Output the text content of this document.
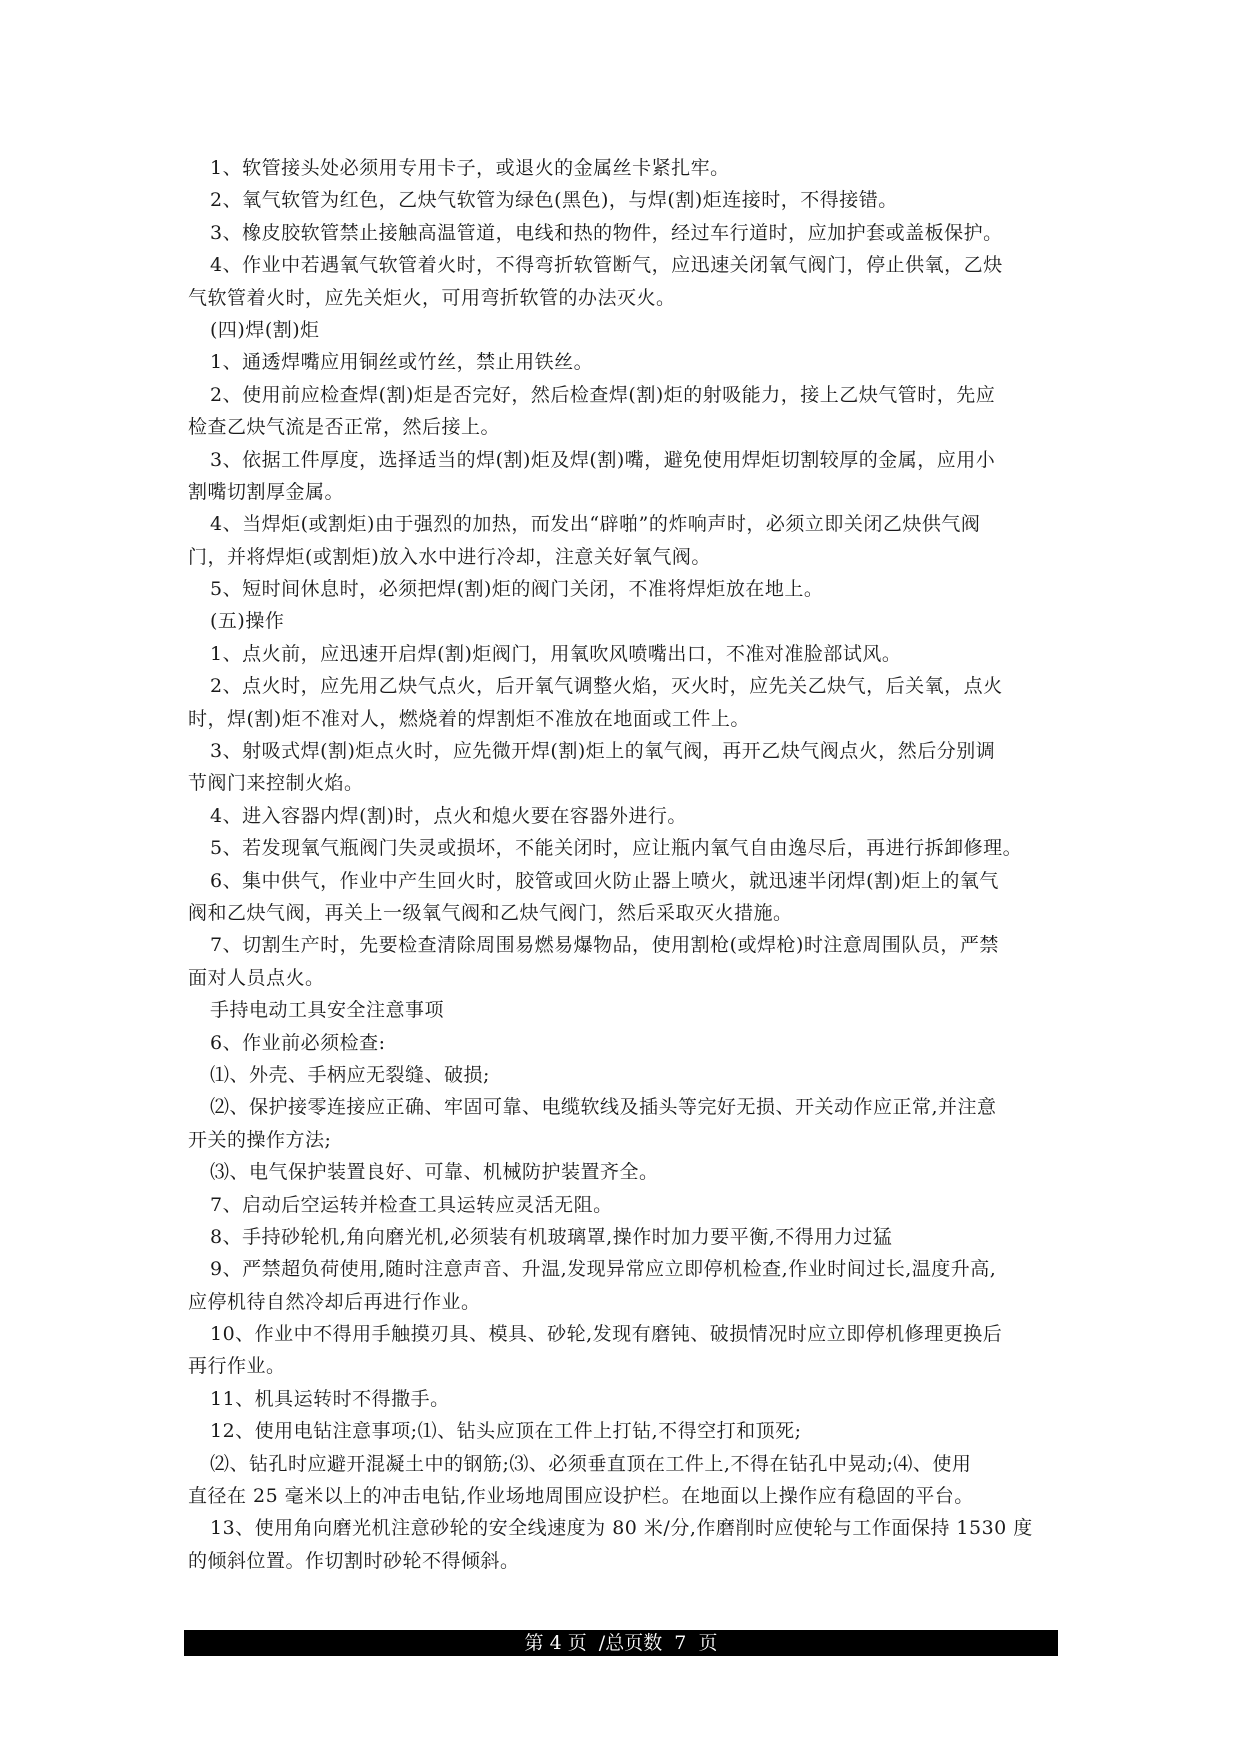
1、软管接头处必须用专用卡子，或退火的金属丝卡紧扎牢。
2、氧气软管为红色，乙炔气软管为绿色(黑色)，与焊(割)炬连接时，不得接错。
3、橡皮胶软管禁止接触高温管道，电线和热的物件，经过车行道时，应加护套或盖板保护。
4、作业中若遇氧气软管着火时，不得弯折软管断气，应迅速关闭氧气阀门，停止供氧，乙炔
气软管着火时，应先关炬火，可用弯折软管的办法灭火。
(四)焊(割)炬
1、通透焊嘴应用铜丝或竹丝，禁止用铁丝。
2、使用前应检查焊(割)炬是否完好，然后检查焊(割)炬的射吸能力，接上乙炔气管时，先应
检查乙炔气流是否正常，然后接上。
3、依据工件厚度，选择适当的焊(割)炬及焊(割)嘴，避免使用焊炬切割较厚的金属，应用小
割嘴切割厚金属。
4、当焊炬(或割炬)由于强烈的加热，而发出“辟啪”的炸响声时，必须立即关闭乙炔供气阀
门，并将焊炬(或割炬)放入水中进行冷却，注意关好氧气阀。
5、短时间休息时，必须把焊(割)炬的阀门关闭，不准将焊炬放在地上。
(五)操作
1、点火前，应迅速开启焊(割)炬阀门，用氧吹风喷嘴出口，不准对准脸部试风。
2、点火时，应先用乙炔气点火，后开氧气调整火焰，灭火时，应先关乙炔气，后关氧，点火
时，焊(割)炬不准对人，燃烧着的焊割炬不准放在地面或工件上。
3、射吸式焊(割)炬点火时，应先微开焊(割)炬上的氧气阀，再开乙炔气阀点火，然后分别调
节阀门来控制火焰。
4、进入容器内焊(割)时，点火和熄火要在容器外进行。
5、若发现氧气瓶阀门失灵或损坏，不能关闭时，应让瓶内氧气自由逸尽后，再进行拆卸修理。
6、集中供气，作业中产生回火时，胶管或回火防止器上喷火，就迅速半闭焊(割)炬上的氧气
阀和乙炔气阀，再关上一级氧气阀和乙炔气阀门，然后采取灭火措施。
7、切割生产时，先要检查清除周围易燃易爆物品，使用割枪(或焊枪)时注意周围队员，严禁
面对人员点火。
手持电动工具安全注意事项
6、作业前必须检查:
⑴、外壳、手柄应无裂缝、破损;
⑵、保护接零连接应正确、牢固可靠、电缆软线及插头等完好无损、开关动作应正常,并注意
开关的操作方法;
⑶、电气保护装置良好、可靠、机械防护装置齐全。
7、启动后空运转并检查工具运转应灵活无阻。
8、手持砂轮机,角向磨光机,必须装有机玻璃罩,操作时加力要平衡,不得用力过猛
9、严禁超负荷使用,随时注意声音、升温,发现异常应立即停机检查,作业时间过长,温度升高,
应停机待自然冷却后再进行作业。
10、作业中不得用手触摸刃具、模具、砂轮,发现有磨钝、破损情况时应立即停机修理更换后
再行作业。
11、机具运转时不得撒手。
12、使用电钻注意事项;⑴、钻头应顶在工件上打钻,不得空打和顶死;
⑵、钻孔时应避开混凝土中的钢筋;⑶、必须垂直顶在工件上,不得在钻孔中晃动;⑷、使用
直径在 25 毫米以上的冲击电钻,作业场地周围应设护栏。在地面以上操作应有稳固的平台。
13、使用角向磨光机注意砂轮的安全线速度为 80 米/分,作磨削时应使轮与工作面保持 1530 度
的倾斜位置。作切割时砂轮不得倾斜。
第 4 页  /总页数  7  页
